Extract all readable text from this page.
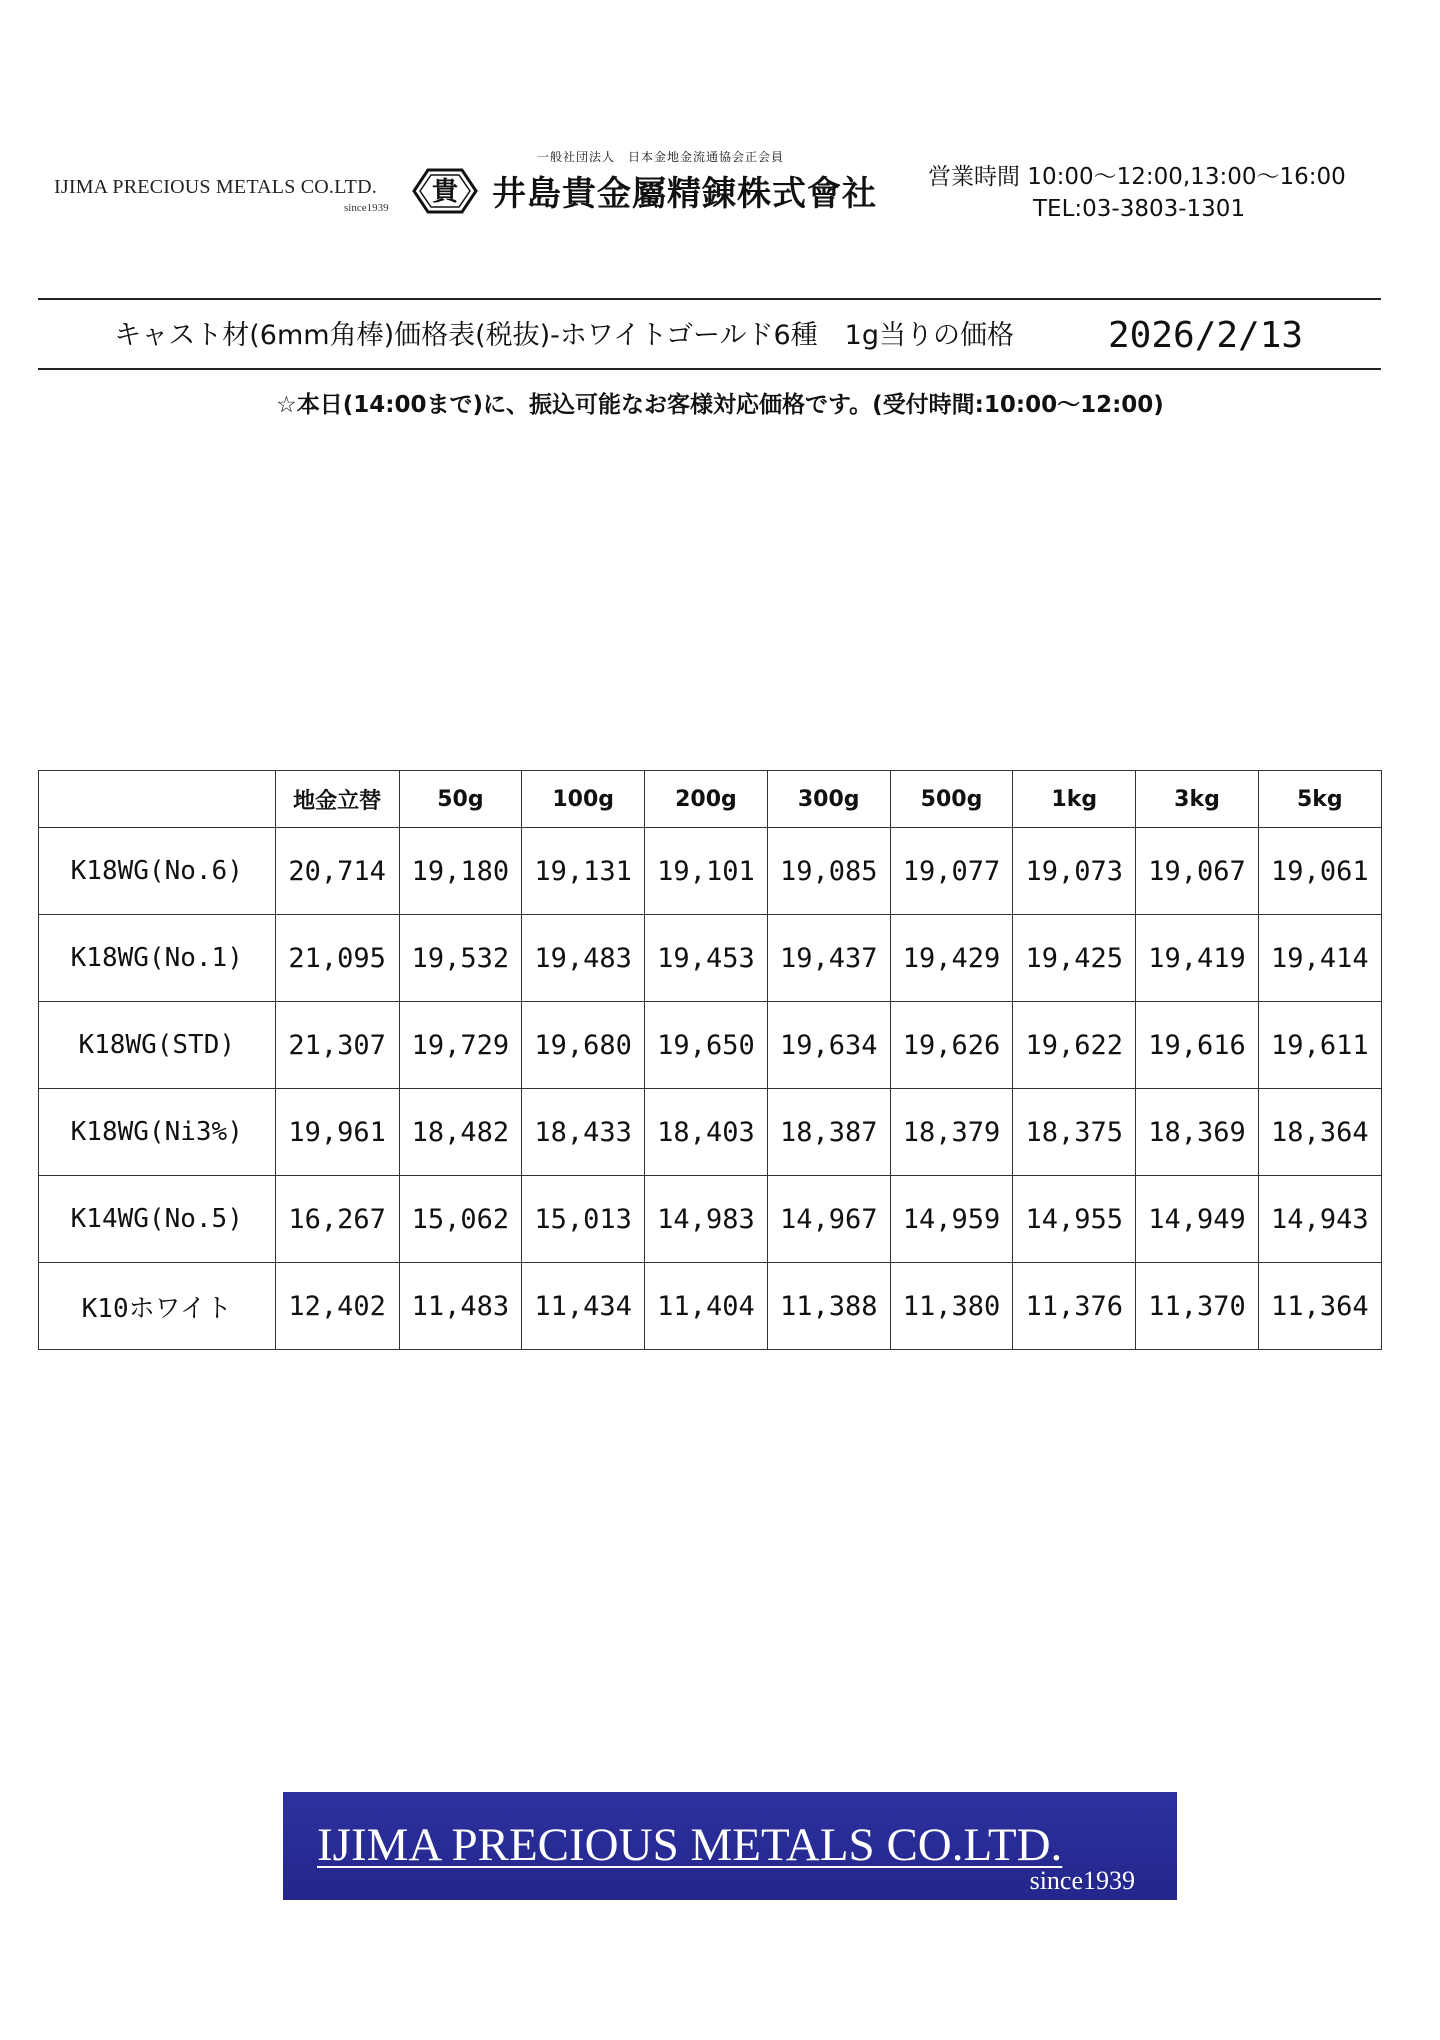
IJIMA PRECIOUS METALS CO.LTD.
since1939
貴
一般社団法人　日本金地金流通協会正会員
井島貴金屬精錬株式會社 営業時間 10:00〜12:00,13:00〜16:00
TEL:03-3803-1301
キャスト材(6mm角棒)価格表(税抜)-ホワイトゴールド6種　1g当りの価格	2026/2/13
☆本日(14:00まで)に、振込可能なお客様対応価格です。(受付時間:10:00〜12:00)
	地金立替	50g	100g	200g	300g	500g	1kg	3kg	5kg
K18WG(No.6)	20,714	19,180	19,131	19,101	19,085	19,077	19,073	19,067	19,061
K18WG(No.1)	21,095	19,532	19,483	19,453	19,437	19,429	19,425	19,419	19,414
K18WG(STD)	21,307	19,729	19,680	19,650	19,634	19,626	19,622	19,616	19,611
K18WG(Ni3%)	19,961	18,482	18,433	18,403	18,387	18,379	18,375	18,369	18,364
K14WG(No.5)	16,267	15,062	15,013	14,983	14,967	14,959	14,955	14,949	14,943
K10ホワイト	12,402	11,483	11,434	11,404	11,388	11,380	11,376	11,370	11,364
IJIMA PRECIOUS METALS CO.LTD.
since1939
